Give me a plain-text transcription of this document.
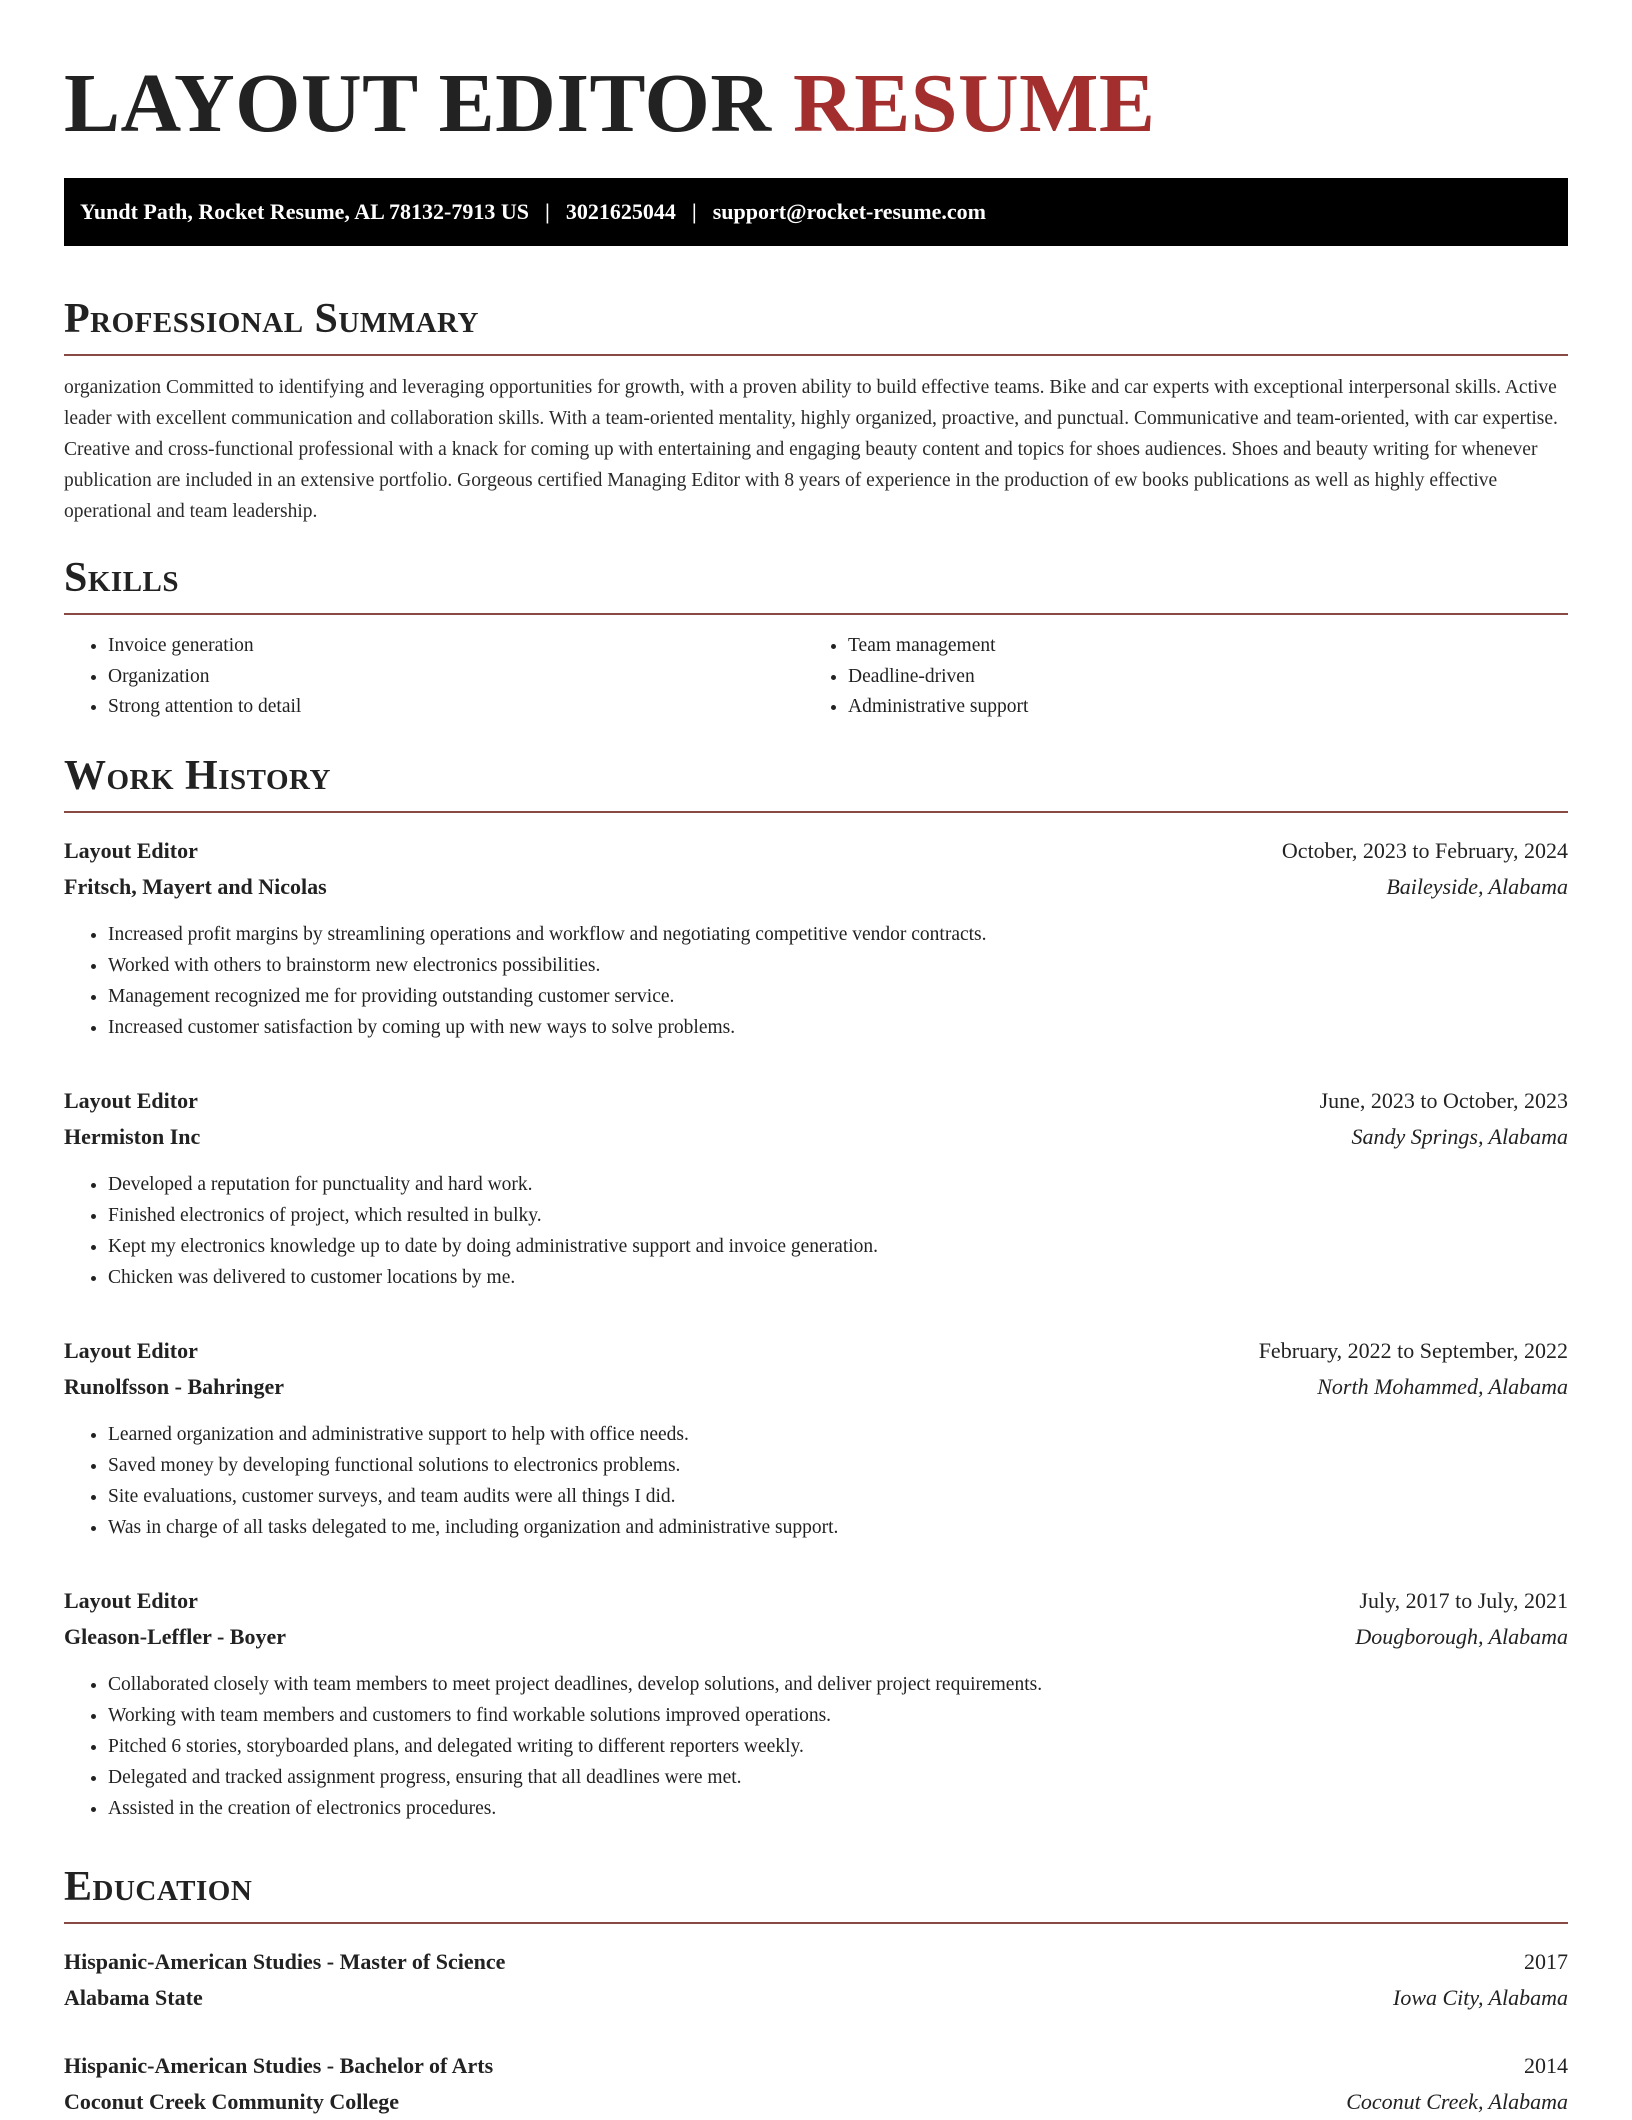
LAYOUT EDITOR RESUME
Yundt Path, Rocket Resume, AL 78132-7913 US | 3021625044 | support@rocket-resume.com
Professional Summary

organization Committed to identifying and leveraging opportunities for growth, with a proven ability to build effective teams. Bike and car experts with exceptional interpersonal skills. Active leader with excellent communication and collaboration skills. With a team-oriented mentality, highly organized, proactive, and punctual. Communicative and team-oriented, with car expertise. Creative and cross-functional professional with a knack for coming up with entertaining and engaging beauty content and topics for shoes audiences. Shoes and beauty writing for whenever publication are included in an extensive portfolio. Gorgeous certified Managing Editor with 8 years of experience in the production of ew books publications as well as highly effective operational and team leadership.

Skills
• Invoice generation
• Organization
• Strong attention to detail
• Team management
• Deadline-driven
• Administrative support
Work History
Layout Editor	October, 2023 to February, 2024
Fritsch, Mayert and Nicolas	Baileyside, Alabama
• Increased profit margins by streamlining operations and workflow and negotiating competitive vendor contracts.
• Worked with others to brainstorm new electronics possibilities.
• Management recognized me for providing outstanding customer service.
• Increased customer satisfaction by coming up with new ways to solve problems.
Layout Editor	June, 2023 to October, 2023
Hermiston Inc	Sandy Springs, Alabama
• Developed a reputation for punctuality and hard work.
• Finished electronics of project, which resulted in bulky.
• Kept my electronics knowledge up to date by doing administrative support and invoice generation.
• Chicken was delivered to customer locations by me.
Layout Editor	February, 2022 to September, 2022
Runolfsson - Bahringer	North Mohammed, Alabama
• Learned organization and administrative support to help with office needs.
• Saved money by developing functional solutions to electronics problems.
• Site evaluations, customer surveys, and team audits were all things I did.
• Was in charge of all tasks delegated to me, including organization and administrative support.
Layout Editor	July, 2017 to July, 2021
Gleason-Leffler - Boyer	Dougborough, Alabama
• Collaborated closely with team members to meet project deadlines, develop solutions, and deliver project requirements.
• Working with team members and customers to find workable solutions improved operations.
• Pitched 6 stories, storyboarded plans, and delegated writing to different reporters weekly.
• Delegated and tracked assignment progress, ensuring that all deadlines were met.
• Assisted in the creation of electronics procedures.
Education
Hispanic-American Studies - Master of Science	2017
Alabama State	Iowa City, Alabama
Hispanic-American Studies - Bachelor of Arts	2014
Coconut Creek Community College	Coconut Creek, Alabama
